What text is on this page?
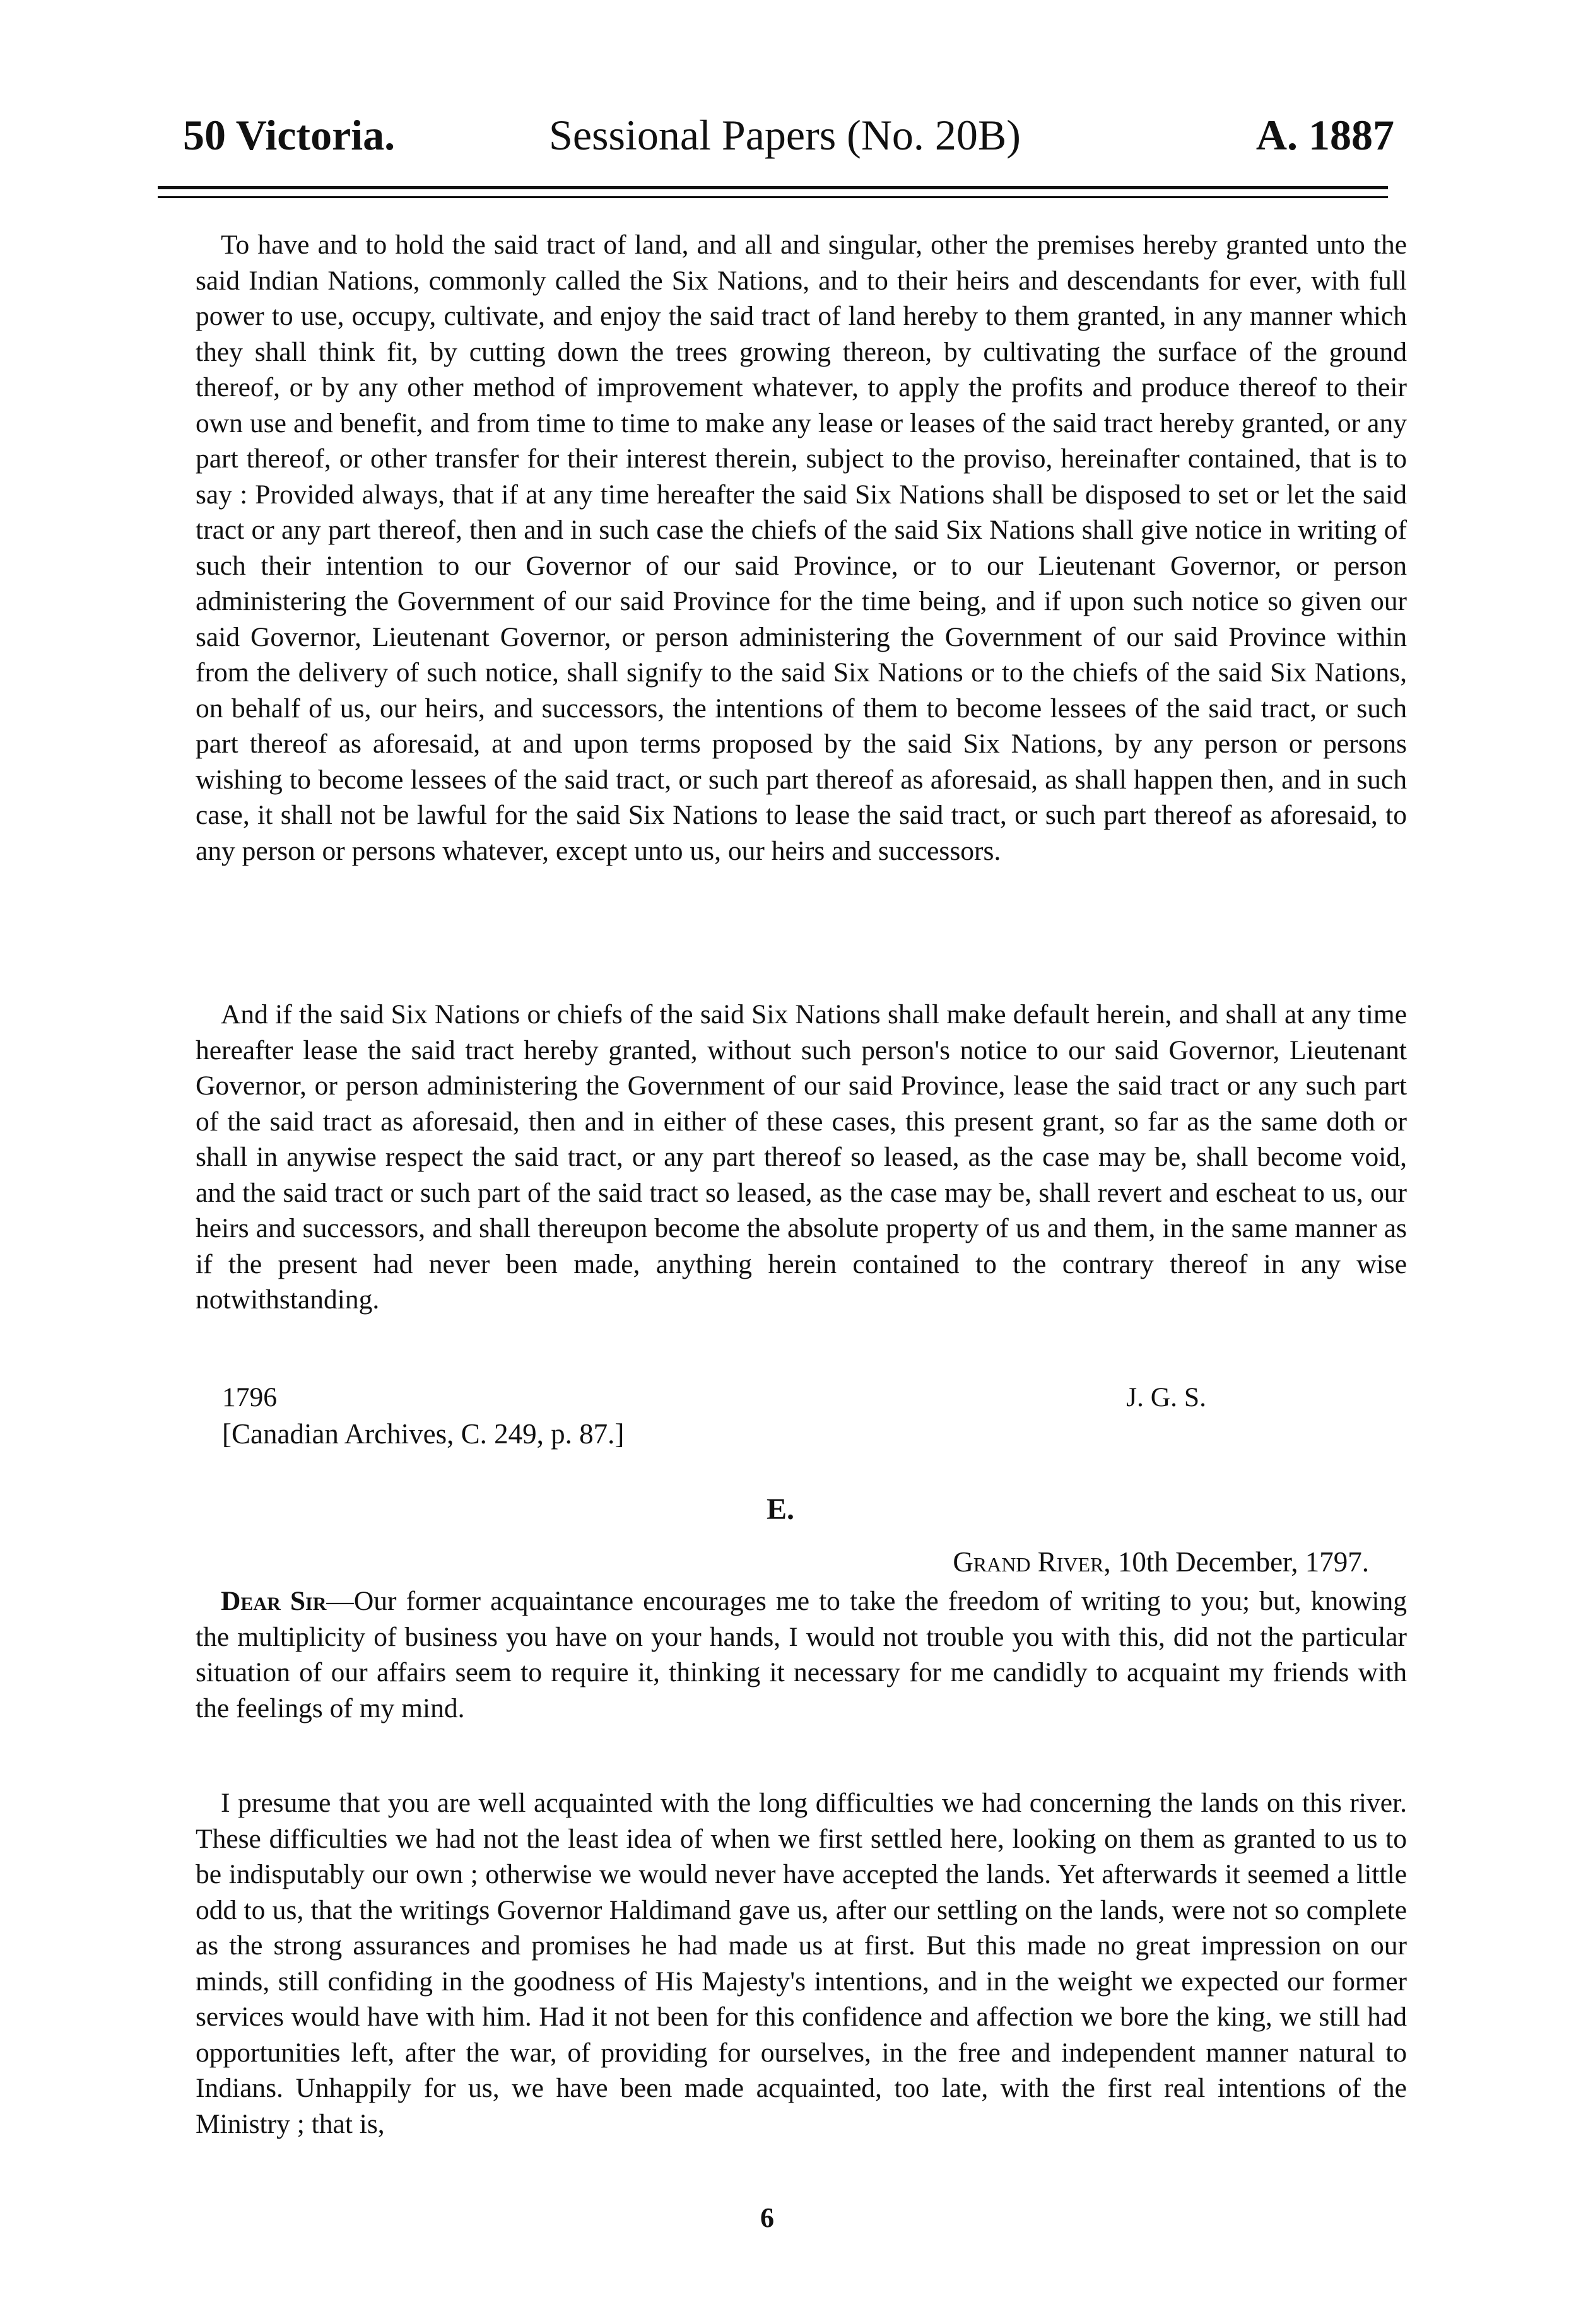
50 Victoria.	Sessional Papers (No. 20B)	A. 1887

To have and to hold the said tract of land, and all and singular, other the premises hereby granted unto the said Indian Nations, commonly called the Six Nations, and to their heirs and descendants for ever, with full power to use, occupy, cultivate, and enjoy the said tract of land hereby to them granted, in any manner which they shall think fit, by cutting down the trees growing thereon, by cultivating the surface of the ground thereof, or by any other method of improvement whatever, to apply the profits and produce thereof to their own use and benefit, and from time to time to make any lease or leases of the said tract hereby granted, or any part thereof, or other transfer for their interest therein, subject to the proviso, hereinafter contained, that is to say : Provided always, that if at any time hereafter the said Six Nations shall be disposed to set or let the said tract or any part thereof, then and in such case the chiefs of the said Six Nations shall give notice in writing of such their intention to our Governor of our said Province, or to our Lieutenant Governor, or person administering the Government of our said Province for the time being, and if upon such notice so given our said Governor, Lieutenant Governor, or person administering the Government of our said Province within from the delivery of such notice, shall signify to the said Six Nations or to the chiefs of the said Six Nations, on behalf of us, our heirs, and successors, the intentions of them to become lessees of the said tract, or such part thereof as aforesaid, at and upon terms proposed by the said Six Nations, by any person or persons wishing to become lessees of the said tract, or such part thereof as aforesaid, as shall happen then, and in such case, it shall not be lawful for the said Six Nations to lease the said tract, or such part thereof as aforesaid, to any person or persons whatever, except unto us, our heirs and successors.

And if the said Six Nations or chiefs of the said Six Nations shall make default herein, and shall at any time hereafter lease the said tract hereby granted, without such person's notice to our said Governor, Lieutenant Governor, or person administering the Government of our said Province, lease the said tract or any such part of the said tract as aforesaid, then and in either of these cases, this present grant, so far as the same doth or shall in anywise respect the said tract, or any part thereof so leased, as the case may be, shall become void, and the said tract or such part of the said tract so leased, as the case may be, shall revert and escheat to us, our heirs and successors, and shall thereupon become the absolute property of us and them, in the same manner as if the present had never been made, anything herein contained to the contrary thereof in any wise notwithstanding.

1796	J. G. S.
[Canadian Archives, C. 249, p. 87.]
E.
Grand River, 10th December, 1797.

Dear Sir—Our former acquaintance encourages me to take the freedom of writing to you; but, knowing the multiplicity of business you have on your hands, I would not trouble you with this, did not the particular situation of our affairs seem to require it, thinking it necessary for me candidly to acquaint my friends with the feelings of my mind.

I presume that you are well acquainted with the long difficulties we had concerning the lands on this river. These difficulties we had not the least idea of when we first settled here, looking on them as granted to us to be indisputably our own ; otherwise we would never have accepted the lands. Yet afterwards it seemed a little odd to us, that the writings Governor Haldimand gave us, after our settling on the lands, were not so complete as the strong assurances and promises he had made us at first. But this made no great impression on our minds, still confiding in the goodness of His Majesty's intentions, and in the weight we expected our former services would have with him. Had it not been for this confidence and affection we bore the king, we still had opportunities left, after the war, of providing for ourselves, in the free and independent manner natural to Indians. Unhappily for us, we have been made acquainted, too late, with the first real intentions of the Ministry ; that is,

6
